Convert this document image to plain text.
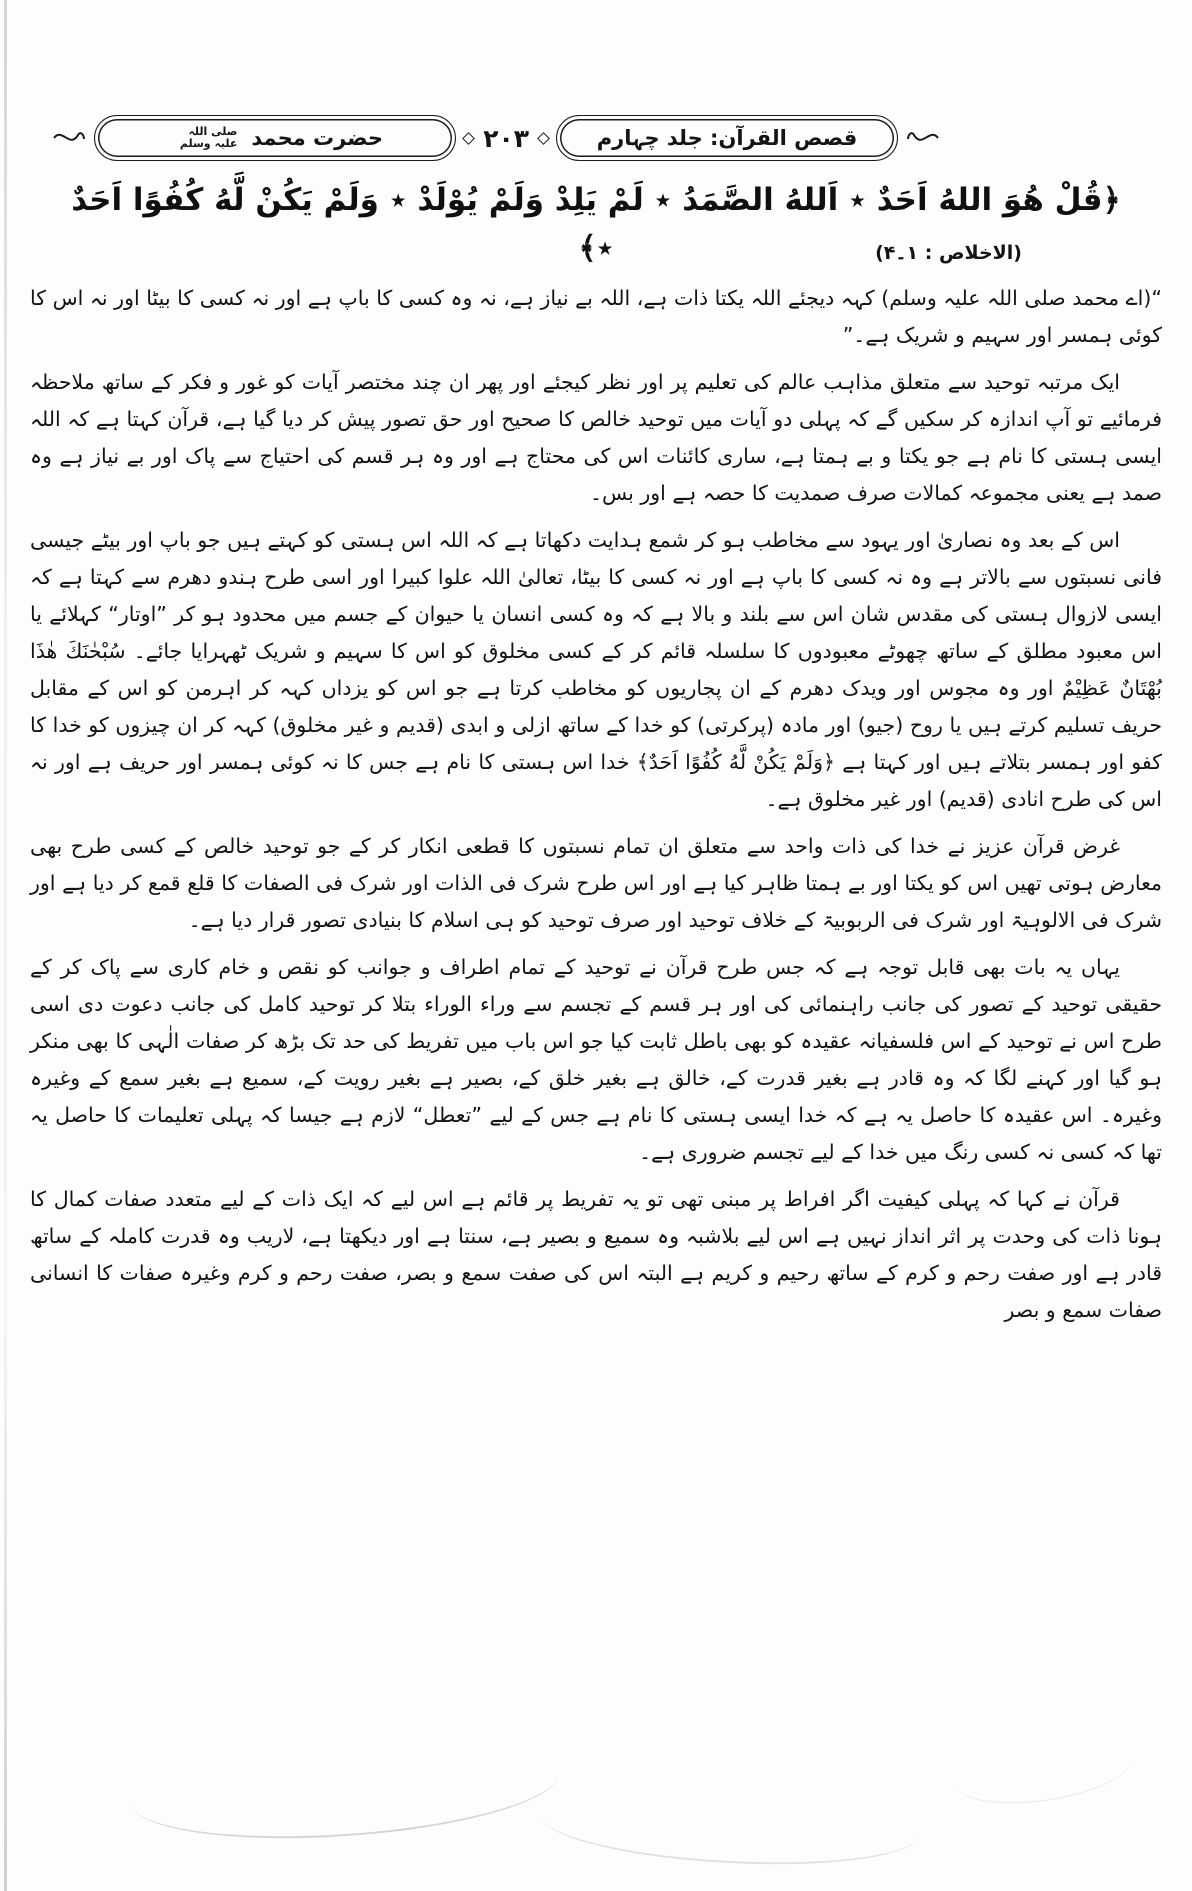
قصص القرآن: جلد چہارم
۲۰۳
حضرت محمد
صلی اللہ علیہ وسلم
﴿قُلْ هُوَ اللهُ اَحَدٌ ٭ اَللهُ الصَّمَدُ ٭ لَمْ يَلِدْ وَلَمْ يُوْلَدْ ٭ وَلَمْ يَكُنْ لَّهُ كُفُوًا اَحَدٌ ٭﴾	(الاخلاص : ۱۔۴)

“(اے محمد صلی اللہ علیہ وسلم) کہہ دیجئے اللہ یکتا ذات ہے، اللہ بے نیاز ہے، نہ وہ کسی کا باپ ہے اور نہ کسی کا بیٹا اور نہ اس کا کوئی ہمسر اور سہیم و شریک ہے۔”

ایک مرتبہ توحید سے متعلق مذاہب عالم کی تعلیم پر اور نظر کیجئے اور پھر ان چند مختصر آیات کو غور و فکر کے ساتھ ملاحظہ فرمائیے تو آپ اندازہ کر سکیں گے کہ پہلی دو آیات میں توحید خالص کا صحیح اور حق تصور پیش کر دیا گیا ہے، قرآن کہتا ہے کہ اللہ ایسی ہستی کا نام ہے جو یکتا و بے ہمتا ہے، ساری کائنات اس کی محتاج ہے اور وہ ہر قسم کی احتیاج سے پاک اور بے نیاز ہے وہ صمد ہے یعنی مجموعہ کمالات صرف صمدیت کا حصہ ہے اور بس۔

اس کے بعد وہ نصاریٰ اور یہود سے مخاطب ہو کر شمع ہدایت دکھاتا ہے کہ اللہ اس ہستی کو کہتے ہیں جو باپ اور بیٹے جیسی فانی نسبتوں سے بالاتر ہے وہ نہ کسی کا باپ ہے اور نہ کسی کا بیٹا، تعالیٰ اللہ علوا کبیرا اور اسی طرح ہندو دھرم سے کہتا ہے کہ ایسی لازوال ہستی کی مقدس شان اس سے بلند و بالا ہے کہ وہ کسی انسان یا حیوان کے جسم میں محدود ہو کر ”اوتار“ کہلائے یا اس معبود مطلق کے ساتھ چھوٹے معبودوں کا سلسلہ قائم کر کے کسی مخلوق کو اس کا سہیم و شریک ٹھہرایا جائے۔ سُبْحٰنَكَ هٰذَا بُهْتَانٌ عَظِيْمٌ اور وہ مجوس اور ویدک دھرم کے ان پجاریوں کو مخاطب کرتا ہے جو اس کو یزداں کہہ کر اہرمن کو اس کے مقابل حریف تسلیم کرتے ہیں یا روح (جیو) اور مادہ (پرکرتی) کو خدا کے ساتھ ازلی و ابدی (قدیم و غیر مخلوق) کہہ کر ان چیزوں کو خدا کا کفو اور ہمسر بتلاتے ہیں اور کہتا ہے ﴿وَلَمْ يَكُنْ لَّهُ كُفُوًا اَحَدٌ﴾ خدا اس ہستی کا نام ہے جس کا نہ کوئی ہمسر اور حریف ہے اور نہ اس کی طرح انادی (قدیم) اور غیر مخلوق ہے۔

غرض قرآن عزیز نے خدا کی ذات واحد سے متعلق ان تمام نسبتوں کا قطعی انکار کر کے جو توحید خالص کے کسی طرح بھی معارض ہوتی تھیں اس کو یکتا اور بے ہمتا ظاہر کیا ہے اور اس طرح شرک فی الذات اور شرک فی الصفات کا قلع قمع کر دیا ہے اور شرک فی الالوہیۃ اور شرک فی الربوبیۃ کے خلاف توحید اور صرف توحید کو ہی اسلام کا بنیادی تصور قرار دیا ہے۔

یہاں یہ بات بھی قابل توجہ ہے کہ جس طرح قرآن نے توحید کے تمام اطراف و جوانب کو نقص و خام کاری سے پاک کر کے حقیقی توحید کے تصور کی جانب راہنمائی کی اور ہر قسم کے تجسم سے وراء الوراء بتلا کر توحید کامل کی جانب دعوت دی اسی طرح اس نے توحید کے اس فلسفیانہ عقیدہ کو بھی باطل ثابت کیا جو اس باب میں تفریط کی حد تک بڑھ کر صفات الٰہی کا بھی منکر ہو گیا اور کہنے لگا کہ وہ قادر ہے بغیر قدرت کے، خالق ہے بغیر خلق کے، بصیر ہے بغیر رویت کے، سمیع ہے بغیر سمع کے وغیرہ وغیرہ۔ اس عقیدہ کا حاصل یہ ہے کہ خدا ایسی ہستی کا نام ہے جس کے لیے ”تعطل“ لازم ہے جیسا کہ پہلی تعلیمات کا حاصل یہ تھا کہ کسی نہ کسی رنگ میں خدا کے لیے تجسم ضروری ہے۔

قرآن نے کہا کہ پہلی کیفیت اگر افراط پر مبنی تھی تو یہ تفریط پر قائم ہے اس لیے کہ ایک ذات کے لیے متعدد صفات کمال کا ہونا ذات کی وحدت پر اثر انداز نہیں ہے اس لیے بلاشبہ وہ سمیع و بصیر ہے، سنتا ہے اور دیکھتا ہے، لاریب وہ قدرت کاملہ کے ساتھ قادر ہے اور صفت رحم و کرم کے ساتھ رحیم و کریم ہے البتہ اس کی صفت سمع و بصر، صفت رحم و کرم وغیرہ صفات کا انسانی صفات سمع و بصر
